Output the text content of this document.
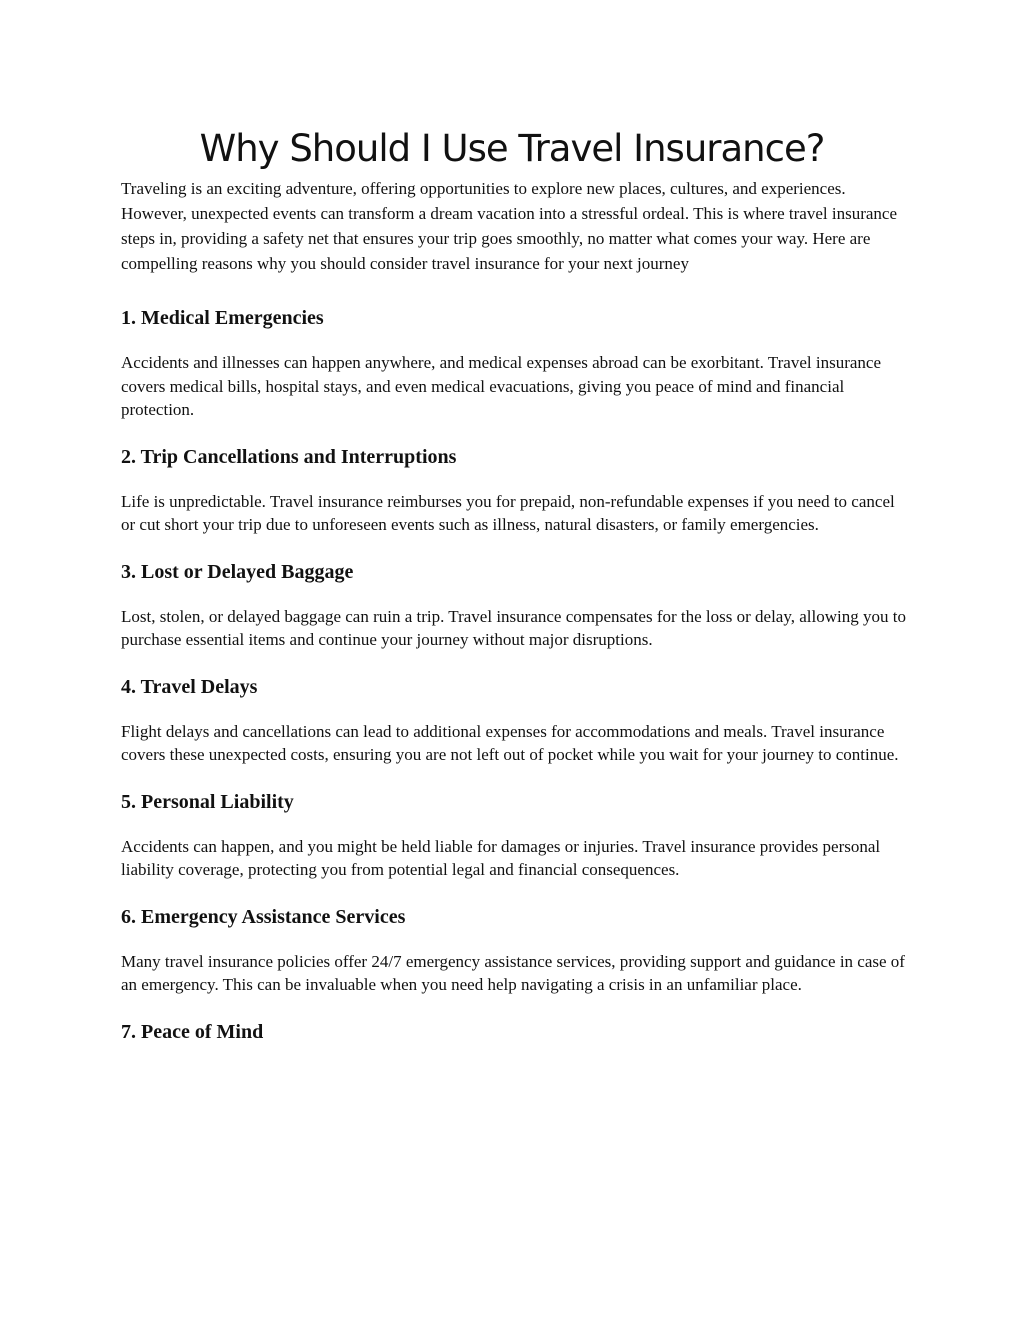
Why Should I Use Travel Insurance?

Traveling is an exciting adventure, offering opportunities to explore new places, cultures, and experiences. However, unexpected events can transform a dream vacation into a stressful ordeal. This is where travel insurance steps in, providing a safety net that ensures your trip goes smoothly, no matter what comes your way. Here are compelling reasons why you should consider travel insurance for your next journey

1. Medical Emergencies

Accidents and illnesses can happen anywhere, and medical expenses abroad can be exorbitant. Travel insurance covers medical bills, hospital stays, and even medical evacuations, giving you peace of mind and financial protection.

2. Trip Cancellations and Interruptions

Life is unpredictable. Travel insurance reimburses you for prepaid, non-refundable expenses if you need to cancel or cut short your trip due to unforeseen events such as illness, natural disasters, or family emergencies.

3. Lost or Delayed Baggage

Lost, stolen, or delayed baggage can ruin a trip. Travel insurance compensates for the loss or delay, allowing you to purchase essential items and continue your journey without major disruptions.

4. Travel Delays

Flight delays and cancellations can lead to additional expenses for accommodations and meals. Travel insurance covers these unexpected costs, ensuring you are not left out of pocket while you wait for your journey to continue.

5. Personal Liability

Accidents can happen, and you might be held liable for damages or injuries. Travel insurance provides personal liability coverage, protecting you from potential legal and financial consequences.

6. Emergency Assistance Services

Many travel insurance policies offer 24/7 emergency assistance services, providing support and guidance in case of an emergency. This can be invaluable when you need help navigating a crisis in an unfamiliar place.

7. Peace of Mind
